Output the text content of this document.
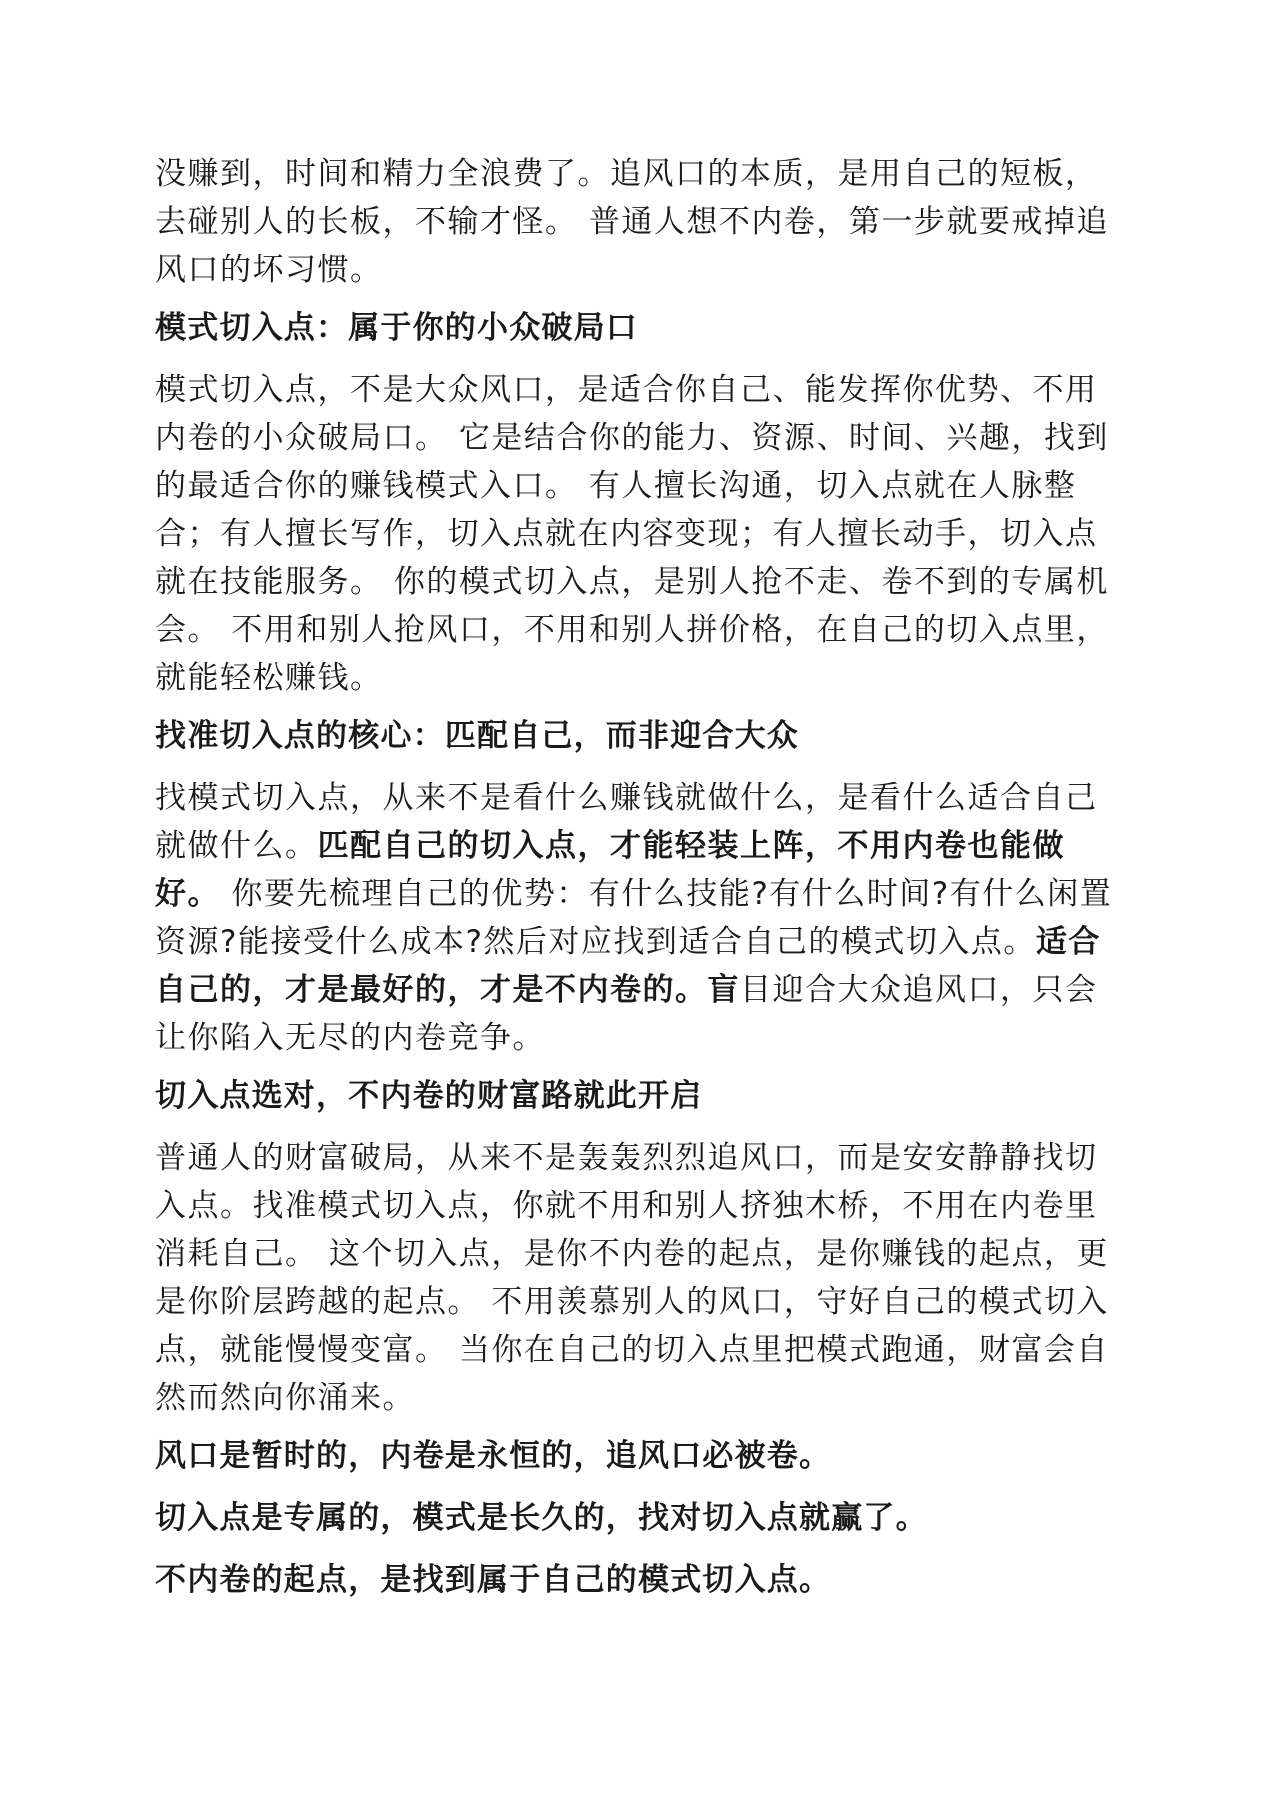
没赚到，时间和精力全浪费了。追风口的本质，是用自己的短板，去碰别人的长板，不输才怪。 普通人想不内卷，第一步就要戒掉追风口的坏习惯。

模式切入点：属于你的小众破局口

模式切入点，不是大众风口，是适合你自己、能发挥你优势、不用内卷的小众破局口。 它是结合你的能力、资源、时间、兴趣，找到的最适合你的赚钱模式入口。 有人擅长沟通，切入点就在人脉整合；有人擅长写作，切入点就在内容变现；有人擅长动手，切入点就在技能服务。 你的模式切入点，是别人抢不走、卷不到的专属机会。 不用和别人抢风口，不用和别人拼价格，在自己的切入点里，就能轻松赚钱。

找准切入点的核心：匹配自己，而非迎合大众

找模式切入点，从来不是看什么赚钱就做什么，是看什么适合自己就做什么。匹配自己的切入点，才能轻装上阵，不用内卷也能做好。 你要先梳理自己的优势：有什么技能?有什么时间?有什么闲置资源?能接受什么成本?然后对应找到适合自己的模式切入点。适合自己的，才是最好的，才是不内卷的。盲目迎合大众追风口，只会让你陷入无尽的内卷竞争。

切入点选对，不内卷的财富路就此开启

普通人的财富破局，从来不是轰轰烈烈追风口，而是安安静静找切入点。找准模式切入点，你就不用和别人挤独木桥，不用在内卷里消耗自己。 这个切入点，是你不内卷的起点，是你赚钱的起点，更是你阶层跨越的起点。 不用羡慕别人的风口，守好自己的模式切入点，就能慢慢变富。 当你在自己的切入点里把模式跑通，财富会自然而然向你涌来。

风口是暂时的，内卷是永恒的，追风口必被卷。

切入点是专属的，模式是长久的，找对切入点就赢了。

不内卷的起点，是找到属于自己的模式切入点。
